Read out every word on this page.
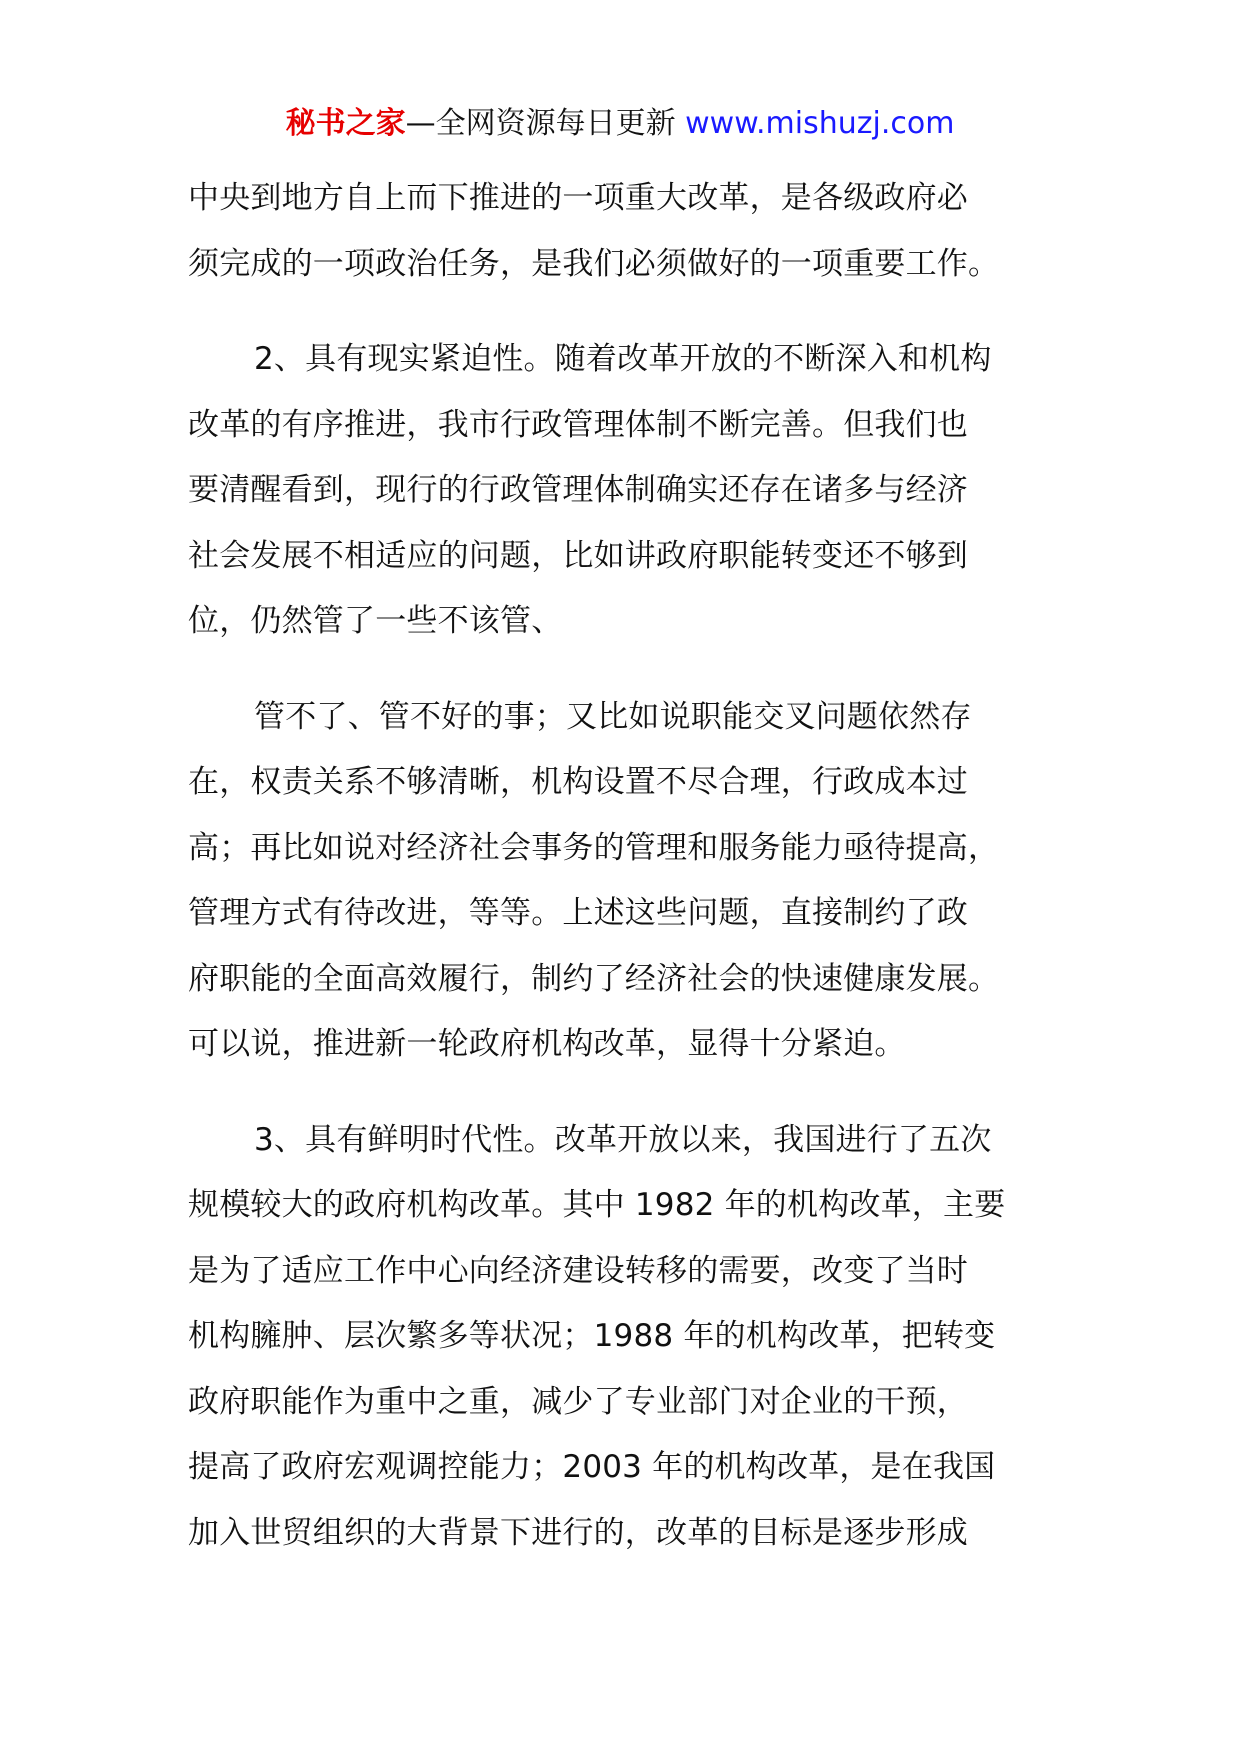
秘书之家—全网资源每日更新 www.mishuzj.com
中央到地方自上而下推进的一项重大改革，是各级政府必
须完成的一项政治任务，是我们必须做好的一项重要工作。
2、具有现实紧迫性。随着改革开放的不断深入和机构
改革的有序推进，我市行政管理体制不断完善。但我们也
要清醒看到，现行的行政管理体制确实还存在诸多与经济
社会发展不相适应的问题，比如讲政府职能转变还不够到
位，仍然管了一些不该管、
管不了、管不好的事；又比如说职能交叉问题依然存
在，权责关系不够清晰，机构设置不尽合理，行政成本过
高；再比如说对经济社会事务的管理和服务能力亟待提高，
管理方式有待改进，等等。上述这些问题，直接制约了政
府职能的全面高效履行，制约了经济社会的快速健康发展。
可以说，推进新一轮政府机构改革，显得十分紧迫。
3、具有鲜明时代性。改革开放以来，我国进行了五次
规模较大的政府机构改革。其中 1982 年的机构改革，主要
是为了适应工作中心向经济建设转移的需要，改变了当时
机构臃肿、层次繁多等状况；1988 年的机构改革，把转变
政府职能作为重中之重，减少了专业部门对企业的干预，
提高了政府宏观调控能力；2003 年的机构改革，是在我国
加入世贸组织的大背景下进行的，改革的目标是逐步形成
